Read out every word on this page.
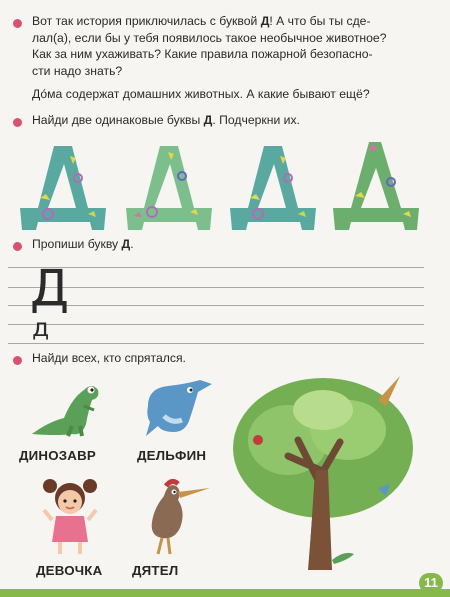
Вот так история приключилась с буквой Д! А что бы ты сде-
лал(а), если бы у тебя появилось такое необычное животное?
Как за ним ухаживать? Какие правила пожарной безопасно-
сти надо знать?
До́ма содержат домашних животных. А какие бывают ещё?
Найди две одинаковые буквы Д. Подчеркни их.
Пропиши букву Д.
Д
д
Найди всех, кто спрятался.
ДИНОЗАВР	ДЕЛЬФИН
ДЕВОЧКА ДЯТЕЛ
11
